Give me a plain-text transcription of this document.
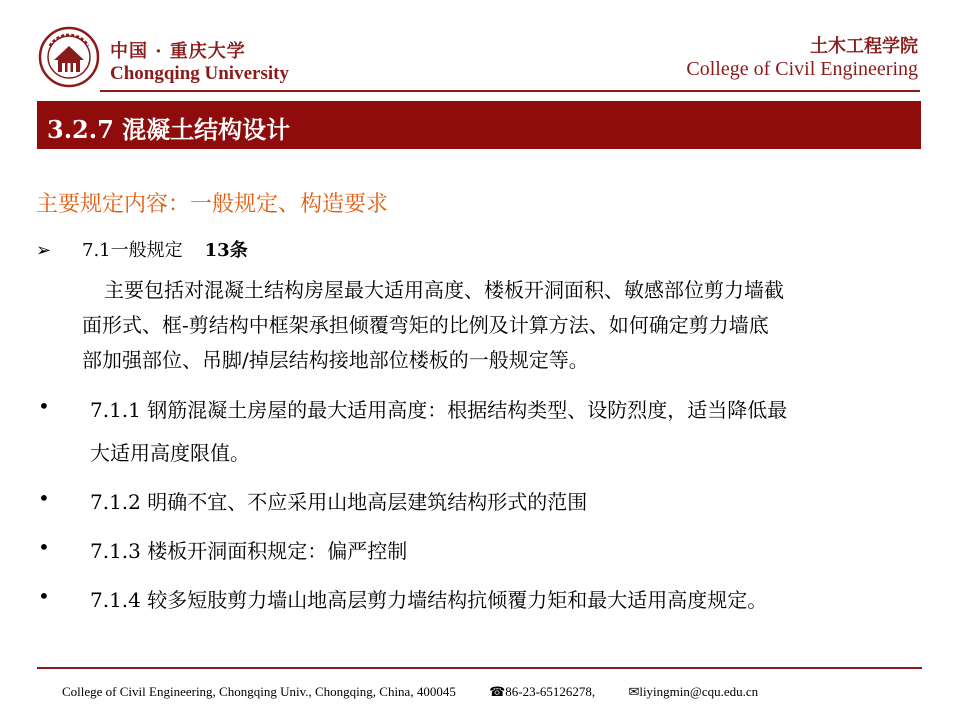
中国 · 重庆大学
Chongqing University
土木工程学院
College of Civil Engineering
3.2.7 混凝土结构设计
主要规定内容：一般规定、构造要求
➢ 7.1一般规定 13条
主要包括对混凝土结构房屋最大适用高度、楼板开洞面积、敏感部位剪力墙截
面形式、框-剪结构中框架承担倾覆弯矩的比例及计算方法、如何确定剪力墙底
部加强部位、吊脚/掉层结构接地部位楼板的一般规定等。
• 7.1.1 钢筋混凝土房屋的最大适用高度：根据结构类型、设防烈度，适当降低最
大适用高度限值。
• 7.1.2 明确不宜、不应采用山地高层建筑结构形式的范围
• 7.1.3 楼板开洞面积规定：偏严控制
• 7.1.4 较多短肢剪力墙山地高层剪力墙结构抗倾覆力矩和最大适用高度规定。
College of Civil Engineering, Chongqing Univ., Chongqing, China, 400045	☎86-23-65126278,	✉liyingmin@cqu.edu.cn
